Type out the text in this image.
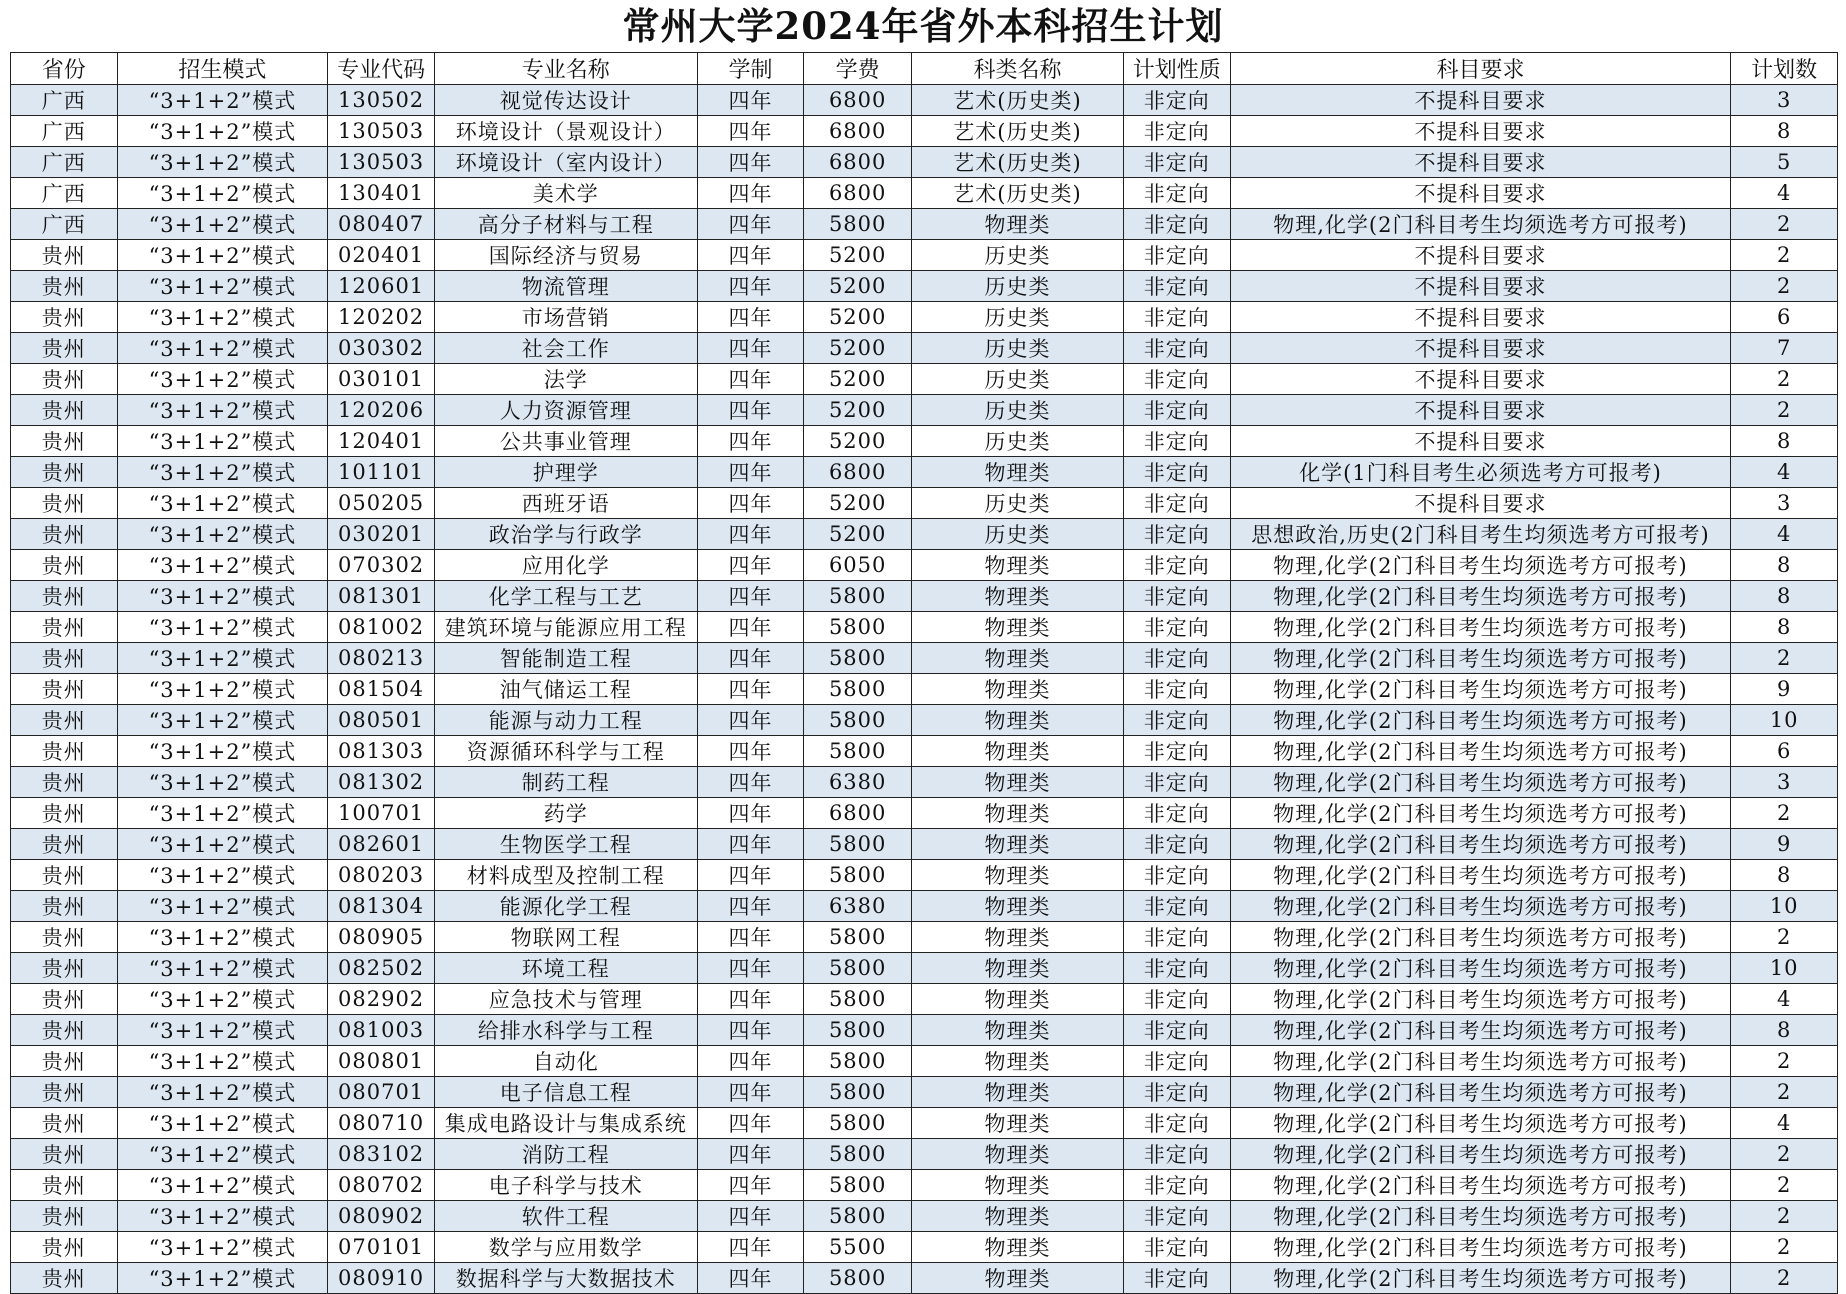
常州大学2024年省外本科招生计划
省份	招生模式	专业代码	专业名称	学制	学费	科类名称	计划性质	科目要求	计划数
广西	“3+1+2”模式	130502	视觉传达设计	四年	6800	艺术(历史类)	非定向	不提科目要求	3
广西	“3+1+2”模式	130503	环境设计（景观设计）	四年	6800	艺术(历史类)	非定向	不提科目要求	8
广西	“3+1+2”模式	130503	环境设计（室内设计）	四年	6800	艺术(历史类)	非定向	不提科目要求	5
广西	“3+1+2”模式	130401	美术学	四年	6800	艺术(历史类)	非定向	不提科目要求	4
广西	“3+1+2”模式	080407	高分子材料与工程	四年	5800	物理类	非定向	物理,化学(2门科目考生均须选考方可报考)	2
贵州	“3+1+2”模式	020401	国际经济与贸易	四年	5200	历史类	非定向	不提科目要求	2
贵州	“3+1+2”模式	120601	物流管理	四年	5200	历史类	非定向	不提科目要求	2
贵州	“3+1+2”模式	120202	市场营销	四年	5200	历史类	非定向	不提科目要求	6
贵州	“3+1+2”模式	030302	社会工作	四年	5200	历史类	非定向	不提科目要求	7
贵州	“3+1+2”模式	030101	法学	四年	5200	历史类	非定向	不提科目要求	2
贵州	“3+1+2”模式	120206	人力资源管理	四年	5200	历史类	非定向	不提科目要求	2
贵州	“3+1+2”模式	120401	公共事业管理	四年	5200	历史类	非定向	不提科目要求	8
贵州	“3+1+2”模式	101101	护理学	四年	6800	物理类	非定向	化学(1门科目考生必须选考方可报考)	4
贵州	“3+1+2”模式	050205	西班牙语	四年	5200	历史类	非定向	不提科目要求	3
贵州	“3+1+2”模式	030201	政治学与行政学	四年	5200	历史类	非定向	思想政治,历史(2门科目考生均须选考方可报考)	4
贵州	“3+1+2”模式	070302	应用化学	四年	6050	物理类	非定向	物理,化学(2门科目考生均须选考方可报考)	8
贵州	“3+1+2”模式	081301	化学工程与工艺	四年	5800	物理类	非定向	物理,化学(2门科目考生均须选考方可报考)	8
贵州	“3+1+2”模式	081002	建筑环境与能源应用工程	四年	5800	物理类	非定向	物理,化学(2门科目考生均须选考方可报考)	8
贵州	“3+1+2”模式	080213	智能制造工程	四年	5800	物理类	非定向	物理,化学(2门科目考生均须选考方可报考)	2
贵州	“3+1+2”模式	081504	油气储运工程	四年	5800	物理类	非定向	物理,化学(2门科目考生均须选考方可报考)	9
贵州	“3+1+2”模式	080501	能源与动力工程	四年	5800	物理类	非定向	物理,化学(2门科目考生均须选考方可报考)	10
贵州	“3+1+2”模式	081303	资源循环科学与工程	四年	5800	物理类	非定向	物理,化学(2门科目考生均须选考方可报考)	6
贵州	“3+1+2”模式	081302	制药工程	四年	6380	物理类	非定向	物理,化学(2门科目考生均须选考方可报考)	3
贵州	“3+1+2”模式	100701	药学	四年	6800	物理类	非定向	物理,化学(2门科目考生均须选考方可报考)	2
贵州	“3+1+2”模式	082601	生物医学工程	四年	5800	物理类	非定向	物理,化学(2门科目考生均须选考方可报考)	9
贵州	“3+1+2”模式	080203	材料成型及控制工程	四年	5800	物理类	非定向	物理,化学(2门科目考生均须选考方可报考)	8
贵州	“3+1+2”模式	081304	能源化学工程	四年	6380	物理类	非定向	物理,化学(2门科目考生均须选考方可报考)	10
贵州	“3+1+2”模式	080905	物联网工程	四年	5800	物理类	非定向	物理,化学(2门科目考生均须选考方可报考)	2
贵州	“3+1+2”模式	082502	环境工程	四年	5800	物理类	非定向	物理,化学(2门科目考生均须选考方可报考)	10
贵州	“3+1+2”模式	082902	应急技术与管理	四年	5800	物理类	非定向	物理,化学(2门科目考生均须选考方可报考)	4
贵州	“3+1+2”模式	081003	给排水科学与工程	四年	5800	物理类	非定向	物理,化学(2门科目考生均须选考方可报考)	8
贵州	“3+1+2”模式	080801	自动化	四年	5800	物理类	非定向	物理,化学(2门科目考生均须选考方可报考)	2
贵州	“3+1+2”模式	080701	电子信息工程	四年	5800	物理类	非定向	物理,化学(2门科目考生均须选考方可报考)	2
贵州	“3+1+2”模式	080710	集成电路设计与集成系统	四年	5800	物理类	非定向	物理,化学(2门科目考生均须选考方可报考)	4
贵州	“3+1+2”模式	083102	消防工程	四年	5800	物理类	非定向	物理,化学(2门科目考生均须选考方可报考)	2
贵州	“3+1+2”模式	080702	电子科学与技术	四年	5800	物理类	非定向	物理,化学(2门科目考生均须选考方可报考)	2
贵州	“3+1+2”模式	080902	软件工程	四年	5800	物理类	非定向	物理,化学(2门科目考生均须选考方可报考)	2
贵州	“3+1+2”模式	070101	数学与应用数学	四年	5500	物理类	非定向	物理,化学(2门科目考生均须选考方可报考)	2
贵州	“3+1+2”模式	080910	数据科学与大数据技术	四年	5800	物理类	非定向	物理,化学(2门科目考生均须选考方可报考)	2
